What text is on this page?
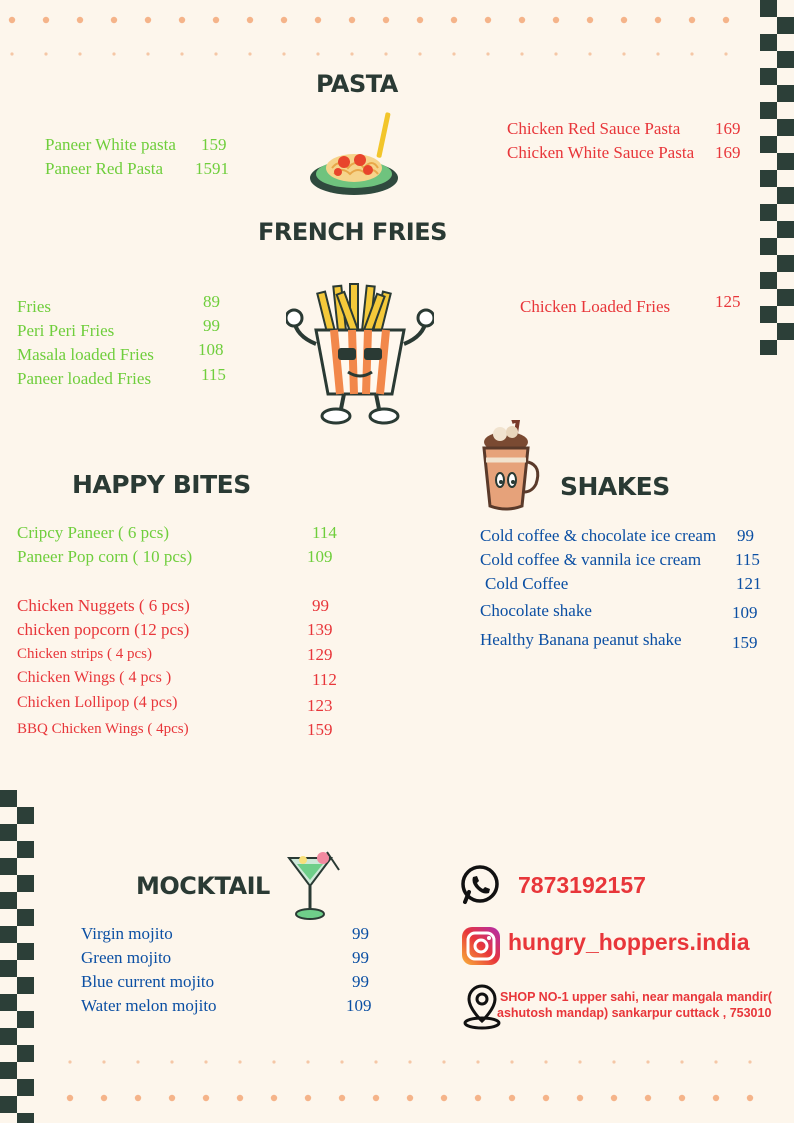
PASTA
Paneer White pasta 159
Paneer Red Pasta 1591
Chicken Red Sauce Pasta 169
Chicken White Sauce Pasta 169
FRENCH FRIES
Fries	89
Peri Peri Fries	99
Masala loaded Fries	108
Paneer loaded Fries	115
Chicken Loaded Fries	125
HAPPY BITES
Cripcy Paneer ( 6 pcs)	114
Paneer Pop corn ( 10 pcs)	109
Chicken Nuggets ( 6 pcs)	99
chicken popcorn (12 pcs)	139
Chicken strips ( 4 pcs)	129
Chicken Wings ( 4 pcs )	112
Chicken Lollipop (4 pcs)	123
BBQ Chicken Wings ( 4pcs)	159
SHAKES
Cold coffee & chocolate ice cream 99
Cold coffee & vannila ice cream 115
Cold Coffee	121
Chocolate shake	109
Healthy Banana peanut shake	159
MOCKTAIL
Virgin mojito	99
Green mojito	99
Blue current mojito	99
Water melon mojito	109
7873192157
hungry_hoppers.india
SHOP NO-1 upper sahi, near mangala mandir(
ashutosh mandap) sankarpur cuttack , 753010
